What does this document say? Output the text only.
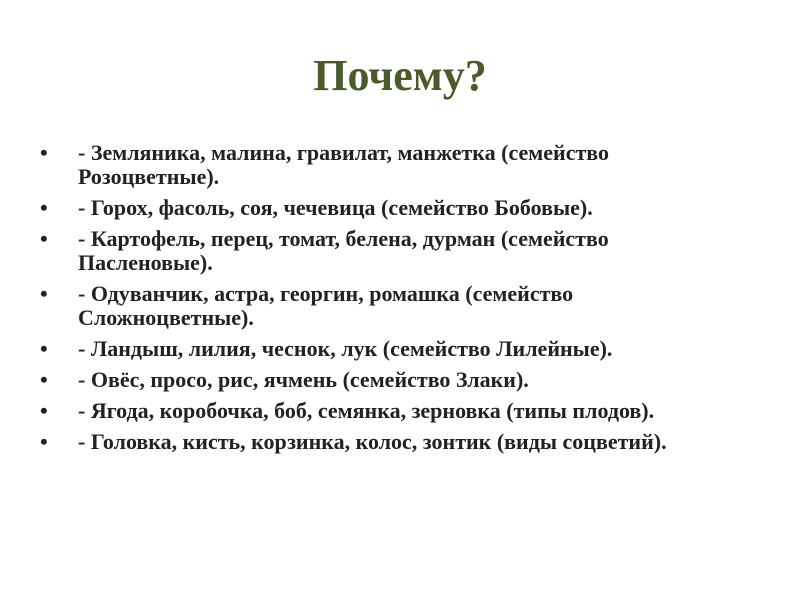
Почему?
•	- Земляника, малина, гравилат, манжетка (семейство Розоцветные).
•	- Горох, фасоль, соя, чечевица (семейство Бобовые).
•	- Картофель, перец, томат, белена, дурман (семейство Пасленовые).
•	- Одуванчик, астра, георгин, ромашка (семейство Сложноцветные).
•	- Ландыш, лилия, чеснок, лук (семейство Лилейные).
•	- Овёс, просо, рис, ячмень (семейство Злаки).
•	- Ягода, коробочка, боб, семянка, зерновка (типы плодов).
•	- Головка, кисть, корзинка, колос, зонтик (виды соцветий).
